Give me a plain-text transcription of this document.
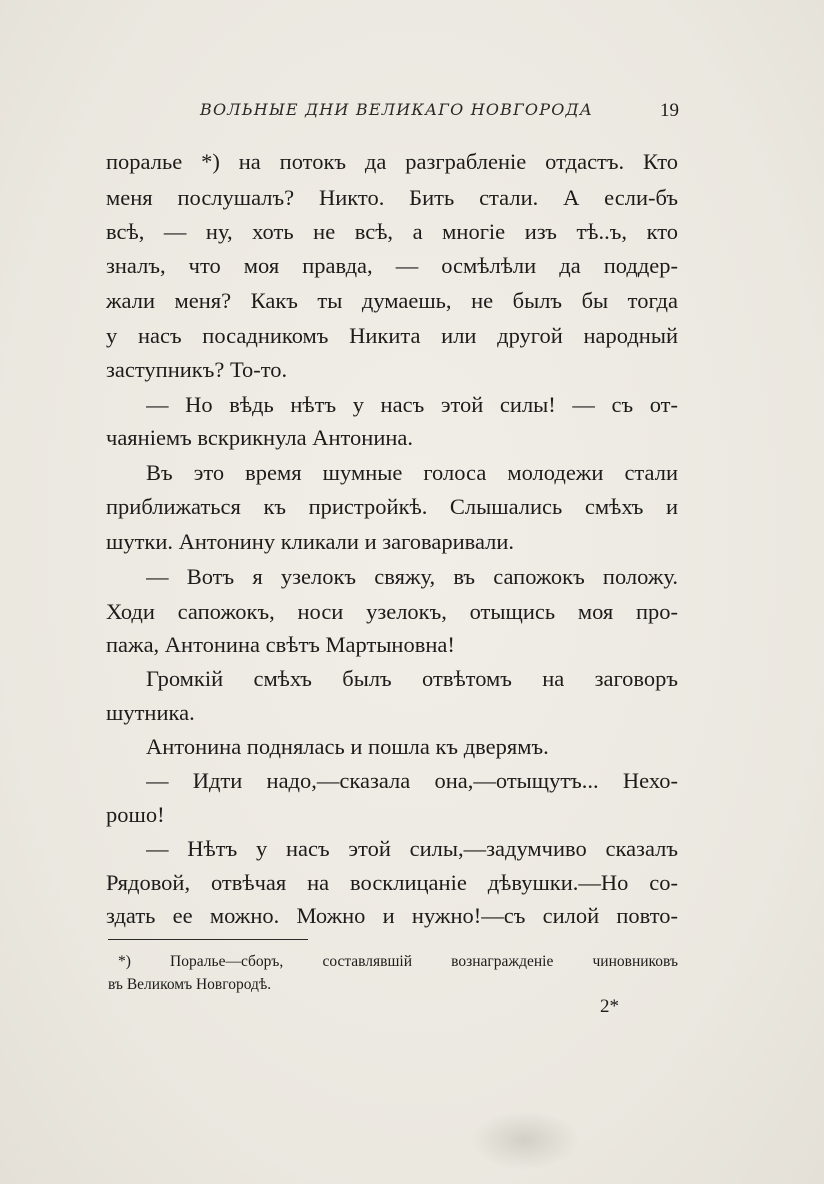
ВОЛЬНЫЕ ДНИ ВЕЛИКАГО НОВГОРОДА	19
поралье *) на потокъ да разграбленіе отдастъ. Кто
меня послушалъ? Никто. Бить стали. А если-бъ
всѣ, — ну, хоть не всѣ, а многіе изъ тѣ..ъ, кто
зналъ, что моя правда, — осмѣлѣли да поддер-
жали меня? Какъ ты думаешь, не былъ бы тогда
у насъ посадникомъ Никита или другой народный
заступникъ? То-то.
— Но вѣдь нѣтъ у насъ этой силы! — съ от-
чаяніемъ вскрикнула Антонина.
Въ это время шумные голоса молодежи стали
приближаться къ пристройкѣ. Слышались смѣхъ и
шутки. Антонину кликали и заговаривали.
— Вотъ я узелокъ свяжу, въ сапожокъ положу.
Ходи сапожокъ, носи узелокъ, отыщись моя про-
пажа, Антонина свѣтъ Мартыновна!
Громкій смѣхъ былъ отвѣтомъ на заговоръ
шутника.
Антонина поднялась и пошла къ дверямъ.
— Идти надо,—сказала она,—отыщутъ... Нехо-
рошо!
— Нѣтъ у насъ этой силы,—задумчиво сказалъ
Рядовой, отвѣчая на восклицаніе дѣвушки.—Но со-
здать ее можно. Можно и нужно!—съ силой повто-
*) Поралье—сборъ, составлявшій вознагражденіе чиновниковъ
въ Великомъ Новгородѣ.
2*
